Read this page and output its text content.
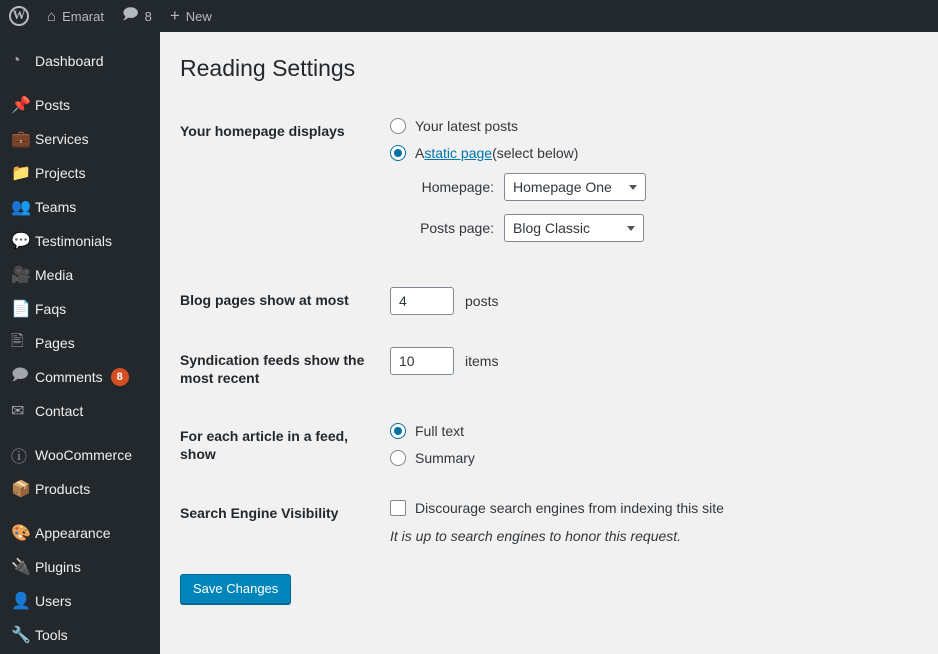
W
⌂ Emarat 🗩 8 + New
◔	Dashboard
📌 Posts
💼 Services
📁 Projects
👥 Teams
💬 Testimonials
🎥 Media
📄 Faqs
🖹 Pages
🗩 Comments	8
✉ Contact
ⓘ WooCommerce
📦 Products
🎨 Appearance
🔌 Plugins
👤 Users
🔧 Tools
Reading Settings
Your homepage displays	Your latest posts
A static page (select below)
Homepage: Homepage One
Posts page: Blog Classic

Blog pages show at most	4 posts

Syndication feeds show the most recent	10 items

For each article in a feed, show	Full text
Summary

Search Engine Visibility	Discourage search engines from indexing this site
It is up to search engines to honor this request.
Save Changes
